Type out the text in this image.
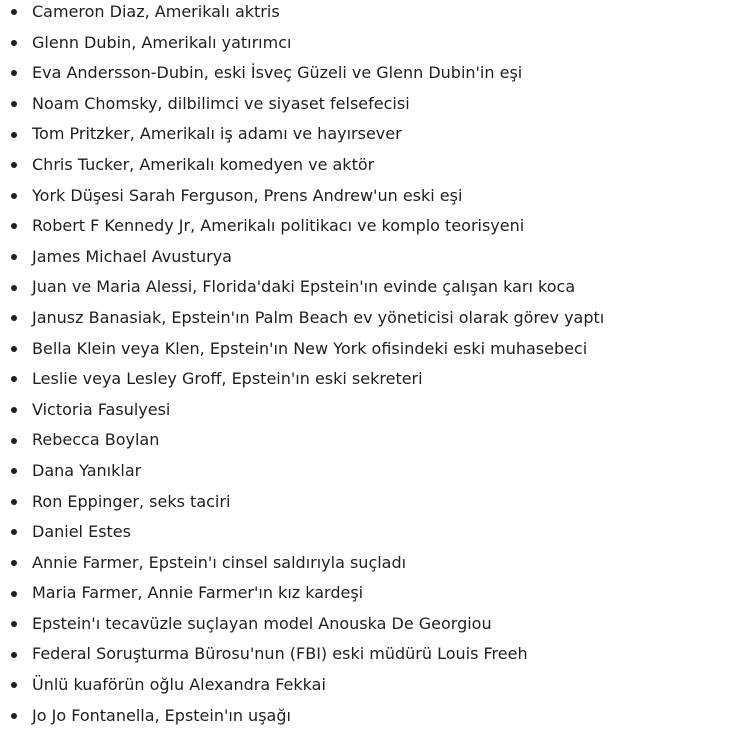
Cameron Diaz, Amerikalı aktris
Glenn Dubin, Amerikalı yatırımcı
Eva Andersson-Dubin, eski İsveç Güzeli ve Glenn Dubin'in eşi
Noam Chomsky, dilbilimci ve siyaset felsefecisi
Tom Pritzker, Amerikalı iş adamı ve hayırsever
Chris Tucker, Amerikalı komedyen ve aktör
York Düşesi Sarah Ferguson, Prens Andrew'un eski eşi
Robert F Kennedy Jr, Amerikalı politikacı ve komplo teorisyeni
James Michael Avusturya
Juan ve Maria Alessi, Florida'daki Epstein'ın evinde çalışan karı koca
Janusz Banasiak, Epstein'ın Palm Beach ev yöneticisi olarak görev yaptı
Bella Klein veya Klen, Epstein'ın New York ofisindeki eski muhasebeci
Leslie veya Lesley Groff, Epstein'ın eski sekreteri
Victoria Fasulyesi
Rebecca Boylan
Dana Yanıklar
Ron Eppinger, seks taciri
Daniel Estes
Annie Farmer, Epstein'ı cinsel saldırıyla suçladı
Maria Farmer, Annie Farmer'ın kız kardeşi
Epstein'ı tecavüzle suçlayan model Anouska De Georgiou
Federal Soruşturma Bürosu'nun (FBI) eski müdürü Louis Freeh
Ünlü kuaförün oğlu Alexandra Fekkai
Jo Jo Fontanella, Epstein'ın uşağı
